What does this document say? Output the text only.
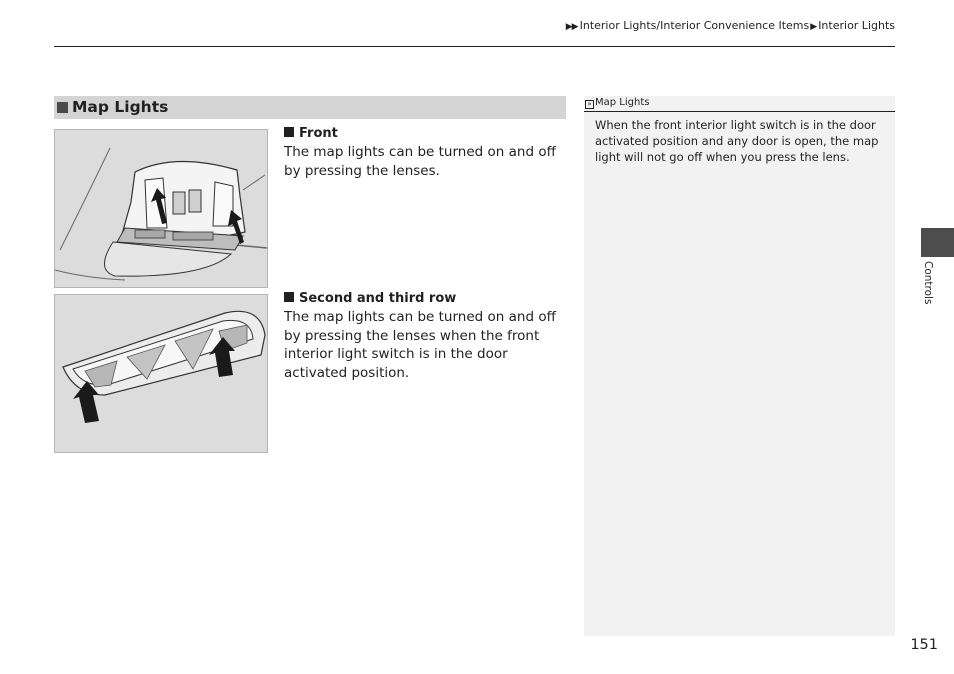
▶▶ Interior Lights/Interior Convenience Items▶Interior Lights
Map Lights
Front

The map lights can be turned on and off by pressing the lenses.

Second and third row

The map lights can be turned on and off by pressing the lenses when the front interior light switch is in the door activated position.

» Map Lights

When the front interior light switch is in the door activated position and any door is open, the map light will not go off when you press the lens.

Controls
151
